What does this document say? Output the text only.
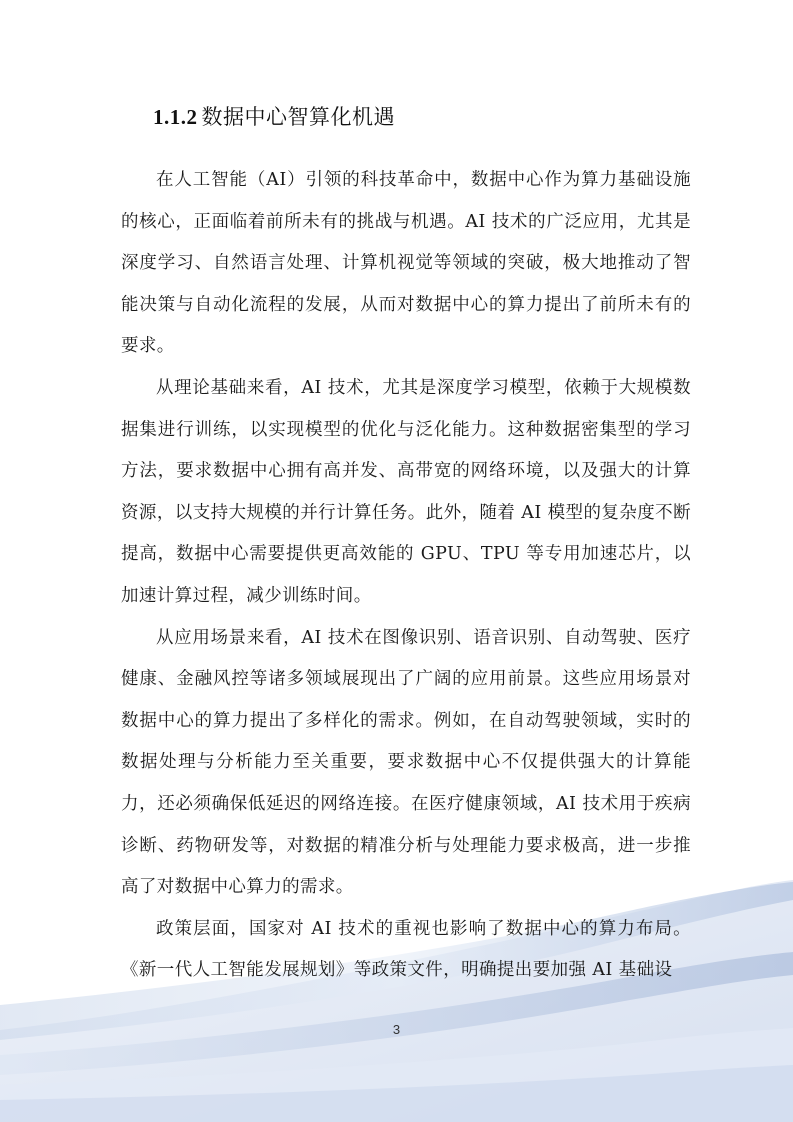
1.1.2 数据中心智算化机遇

在人工智能（AI）引领的科技革命中，数据中心作为算力基础设施的核心，正面临着前所未有的挑战与机遇。AI 技术的广泛应用，尤其是深度学习、自然语言处理、计算机视觉等领域的突破，极大地推动了智能决策与自动化流程的发展，从而对数据中心的算力提出了前所未有的要求。

从理论基础来看，AI 技术，尤其是深度学习模型，依赖于大规模数据集进行训练，以实现模型的优化与泛化能力。这种数据密集型的学习方法，要求数据中心拥有高并发、高带宽的网络环境，以及强大的计算资源，以支持大规模的并行计算任务。此外，随着 AI 模型的复杂度不断提高，数据中心需要提供更高效能的 GPU、TPU 等专用加速芯片，以加速计算过程，减少训练时间。

从应用场景来看，AI 技术在图像识别、语音识别、自动驾驶、医疗健康、金融风控等诸多领域展现出了广阔的应用前景。这些应用场景对数据中心的算力提出了多样化的需求。例如，在自动驾驶领域，实时的数据处理与分析能力至关重要，要求数据中心不仅提供强大的计算能力，还必须确保低延迟的网络连接。在医疗健康领域，AI 技术用于疾病诊断、药物研发等，对数据的精准分析与处理能力要求极高，进一步推高了对数据中心算力的需求。

政策层面，国家对 AI 技术的重视也影响了数据中心的算力布局。《新一代人工智能发展规划》等政策文件，明确提出要加强 AI 基础设

3
